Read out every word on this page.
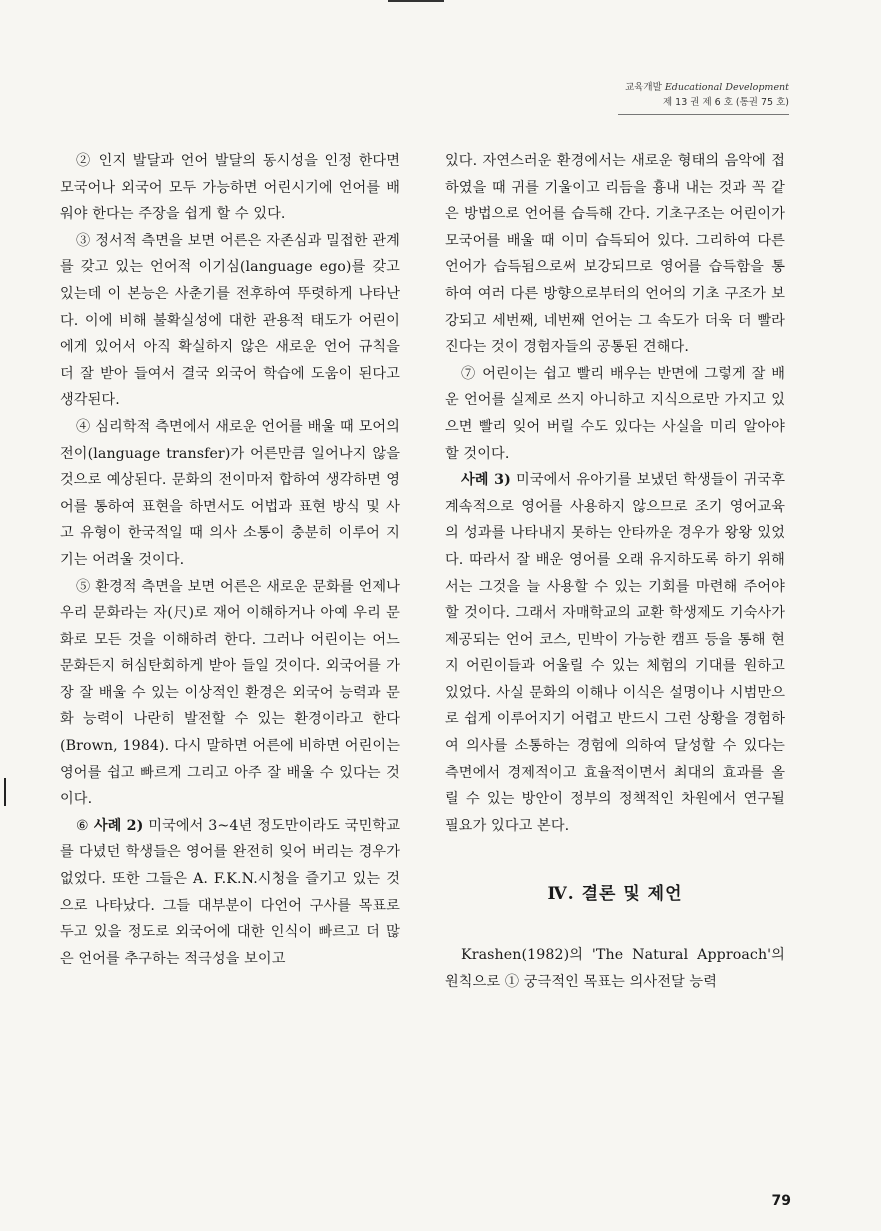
교육개발 Educational Development
제 13 권 제 6 호 (통권 75 호)

② 인지 발달과 언어 발달의 동시성을 인정 한다면 모국어나 외국어 모두 가능하면 어린시기에 언어를 배워야 한다는 주장을 쉽게 할 수 있다.

③ 정서적 측면을 보면 어른은 자존심과 밀접한 관계를 갖고 있는 언어적 이기심(language ego)를 갖고 있는데 이 본능은 사춘기를 전후하여 뚜렷하게 나타난다. 이에 비해 불확실성에 대한 관용적 태도가 어린이에게 있어서 아직 확실하지 않은 새로운 언어 규칙을 더 잘 받아 들여서 결국 외국어 학습에 도움이 된다고 생각된다.

④ 심리학적 측면에서 새로운 언어를 배울 때 모어의 전이(language transfer)가 어른만큼 일어나지 않을 것으로 예상된다. 문화의 전이마저 합하여 생각하면 영어를 통하여 표현을 하면서도 어법과 표현 방식 및 사고 유형이 한국적일 때 의사 소통이 충분히 이루어 지기는 어려울 것이다.

⑤ 환경적 측면을 보면 어른은 새로운 문화를 언제나 우리 문화라는 자(尺)로 재어 이해하거나 아예 우리 문화로 모든 것을 이해하려 한다. 그러나 어린이는 어느 문화든지 허심탄회하게 받아 들일 것이다. 외국어를 가장 잘 배울 수 있는 이상적인 환경은 외국어 능력과 문화 능력이 나란히 발전할 수 있는 환경이라고 한다(Brown, 1984). 다시 말하면 어른에 비하면 어린이는 영어를 쉽고 빠르게 그리고 아주 잘 배울 수 있다는 것이다.

⑥ 사례 2) 미국에서 3~4년 정도만이라도 국민학교를 다녔던 학생들은 영어를 완전히 잊어 버리는 경우가 없었다. 또한 그들은 A. F.K.N.시청을 즐기고 있는 것으로 나타났다. 그들 대부분이 다언어 구사를 목표로 두고 있을 정도로 외국어에 대한 인식이 빠르고 더 많은 언어를 추구하는 적극성을 보이고

있다. 자연스러운 환경에서는 새로운 형태의 음악에 접하였을 때 귀를 기울이고 리듬을 흉내 내는 것과 꼭 같은 방법으로 언어를 습득해 간다. 기초구조는 어린이가 모국어를 배울 때 이미 습득되어 있다. 그리하여 다른 언어가 습득됨으로써 보강되므로 영어를 습득함을 통하여 여러 다른 방향으로부터의 언어의 기초 구조가 보강되고 세번째, 네번째 언어는 그 속도가 더욱 더 빨라진다는 것이 경험자들의 공통된 견해다.

⑦ 어린이는 쉽고 빨리 배우는 반면에 그렇게 잘 배운 언어를 실제로 쓰지 아니하고 지식으로만 가지고 있으면 빨리 잊어 버릴 수도 있다는 사실을 미리 알아야 할 것이다.

사례 3) 미국에서 유아기를 보냈던 학생들이 귀국후 계속적으로 영어를 사용하지 않으므로 조기 영어교육의 성과를 나타내지 못하는 안타까운 경우가 왕왕 있었다. 따라서 잘 배운 영어를 오래 유지하도록 하기 위해서는 그것을 늘 사용할 수 있는 기회를 마련해 주어야 할 것이다. 그래서 자매학교의 교환 학생제도 기숙사가 제공되는 언어 코스, 민박이 가능한 캠프 등을 통해 현지 어린이들과 어울릴 수 있는 체험의 기대를 원하고 있었다. 사실 문화의 이해나 이식은 설명이나 시범만으로 쉽게 이루어지기 어렵고 반드시 그런 상황을 경험하여 의사를 소통하는 경험에 의하여 달성할 수 있다는 측면에서 경제적이고 효율적이면서 최대의 효과를 올릴 수 있는 방안이 정부의 정책적인 차원에서 연구될 필요가 있다고 본다.

Ⅳ. 결론 및 제언

Krashen(1982)의 'The Natural Approach'의 원칙으로 ① 궁극적인 목표는 의사전달 능력

79
